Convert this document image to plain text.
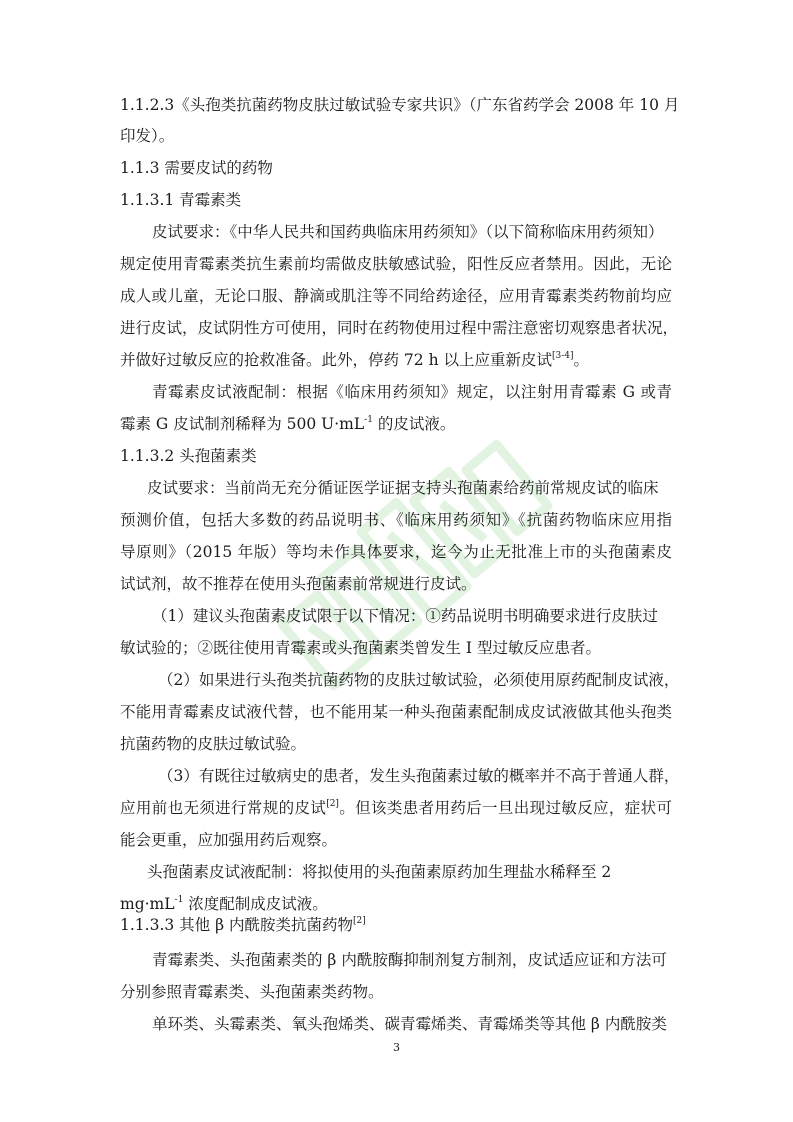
1.1.2.3《头孢类抗菌药物皮肤过敏试验专家共识》（广东省药学会 2008 年 10 月
印发）。
1.1.3 需要皮试的药物
1.1.3.1 青霉素类
皮试要求：《中华人民共和国药典临床用药须知》（以下简称临床用药须知）
规定使用青霉素类抗生素前均需做皮肤敏感试验，阳性反应者禁用。因此，无论
成人或儿童，无论口服、静滴或肌注等不同给药途径，应用青霉素类药物前均应
进行皮试，皮试阴性方可使用，同时在药物使用过程中需注意密切观察患者状况，
并做好过敏反应的抢救准备。此外，停药 72 h 以上应重新皮试[3-4]。
青霉素皮试液配制：根据《临床用药须知》规定，以注射用青霉素 G 或青
霉素 G 皮试制剂稀释为 500 $U\cdot mL^{-1}$ 的皮试液。
1.1.3.2 头孢菌素类
皮试要求：当前尚无充分循证医学证据支持头孢菌素给药前常规皮试的临床
预测价值，包括大多数的药品说明书、《临床用药须知》《抗菌药物临床应用指
导原则》（2015 年版）等均未作具体要求，迄今为止无批准上市的头孢菌素皮
试试剂，故不推荐在使用头孢菌素前常规进行皮试。
（1）建议头孢菌素皮试限于以下情况：①药品说明书明确要求进行皮肤过
敏试验的；②既往使用青霉素或头孢菌素类曾发生 I 型过敏反应患者。
（2）如果进行头孢类抗菌药物的皮肤过敏试验，必须使用原药配制皮试液，
不能用青霉素皮试液代替，也不能用某一种头孢菌素配制成皮试液做其他头孢类
抗菌药物的皮肤过敏试验。
（3）有既往过敏病史的患者，发生头孢菌素过敏的概率并不高于普通人群，
应用前也无须进行常规的皮试[2]。但该类患者用药后一旦出现过敏反应，症状可
能会更重，应加强用药后观察。
头孢菌素皮试液配制：将拟使用的头孢菌素原药加生理盐水稀释至 2
$mg\cdot mL^{-1}$ 浓度配制成皮试液。
1.1.3.3 其他 β 内酰胺类抗菌药物[2]
青霉素类、头孢菌素类的 β 内酰胺酶抑制剂复方制剂，皮试适应证和方法可
分别参照青霉素类、头孢菌素类药物。
单环类、头霉素类、氧头孢烯类、碳青霉烯类、青霉烯类等其他 β 内酰胺类
3
